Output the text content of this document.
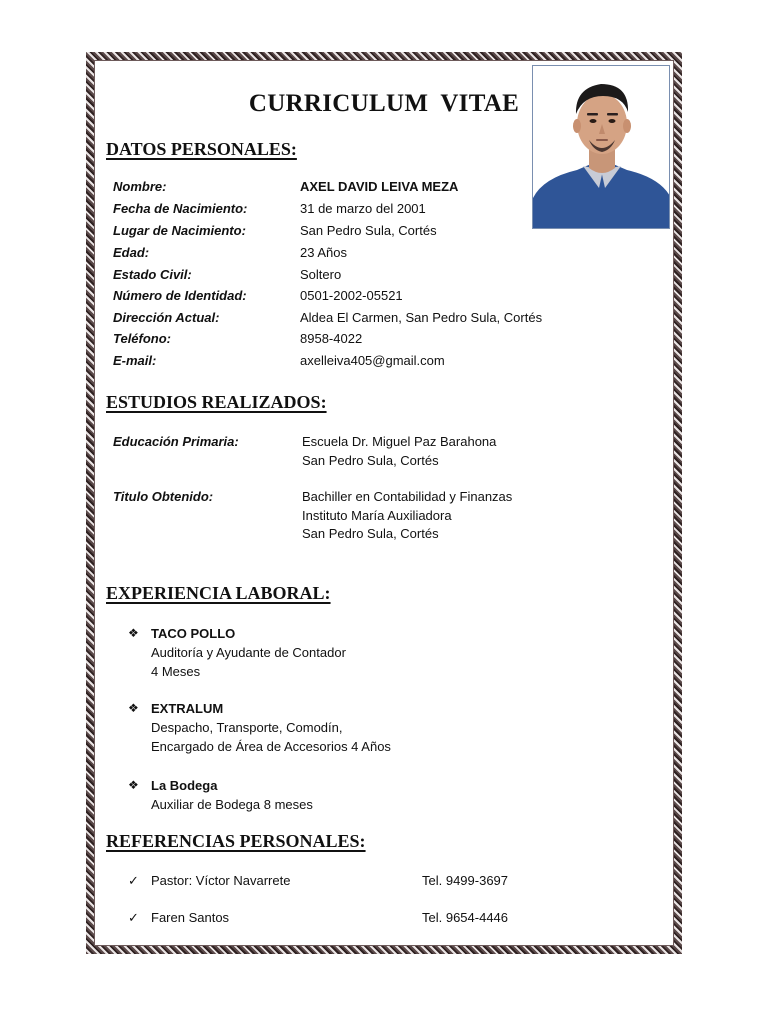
CURRICULUM VITAE
DATOS PERSONALES:
Nombre:	AXEL DAVID LEIVA MEZA
Fecha de Nacimiento:	31 de marzo del 2001
Lugar de Nacimiento:	San Pedro Sula, Cortés
Edad:	23 Años
Estado Civil:	Soltero
Número de Identidad:	0501-2002-05521
Dirección Actual:	Aldea El Carmen, San Pedro Sula, Cortés
Teléfono:	8958-4022
E-mail:	axelleiva405@gmail.com
ESTUDIOS REALIZADOS:
Educación Primaria:	Escuela Dr. Miguel Paz Barahona
San Pedro Sula, Cortés
Titulo Obtenido:	Bachiller en Contabilidad y Finanzas
Instituto María Auxiliadora
San Pedro Sula, Cortés
EXPERIENCIA LABORAL:
❖ TACO POLLO
Auditoría y Ayudante de Contador
4 Meses
❖ EXTRALUM
Despacho, Transporte, Comodín,
Encargado de Área de Accesorios 4 Años
❖ La Bodega
Auxiliar de Bodega 8 meses
REFERENCIAS PERSONALES:
✓ Pastor: Víctor Navarrete	Tel. 9499-3697
✓ Faren Santos	Tel. 9654-4446
